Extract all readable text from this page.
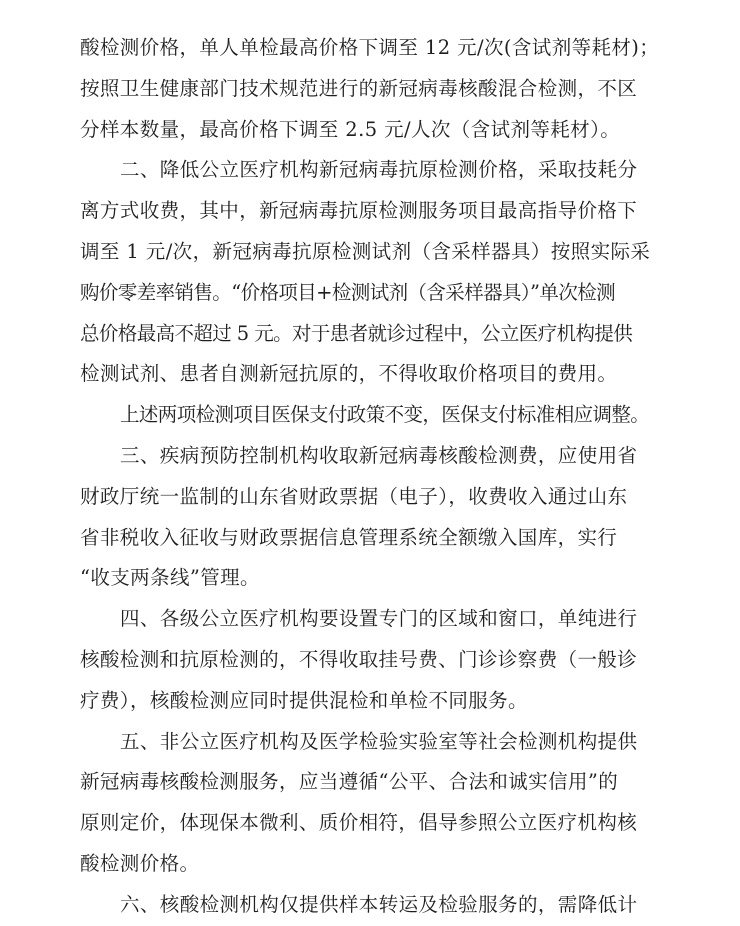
酸检测价格，单人单检最高价格下调至 12 元/次(含试剂等耗材)；
按照卫生健康部门技术规范进行的新冠病毒核酸混合检测，不区
分样本数量，最高价格下调至 2.5 元/人次（含试剂等耗材）。
二、降低公立医疗机构新冠病毒抗原检测价格，采取技耗分
离方式收费，其中，新冠病毒抗原检测服务项目最高指导价格下
调至 1 元/次，新冠病毒抗原检测试剂（含采样器具）按照实际采
购价零差率销售。“价格项目+检测试剂（含采样器具）”单次检测
总价格最高不超过 5 元。对于患者就诊过程中，公立医疗机构提供
检测试剂、患者自测新冠抗原的，不得收取价格项目的费用。
上述两项检测项目医保支付政策不变，医保支付标准相应调整。
三、疾病预防控制机构收取新冠病毒核酸检测费，应使用省
财政厅统一监制的山东省财政票据（电子），收费收入通过山东
省非税收入征收与财政票据信息管理系统全额缴入国库，实行
“收支两条线”管理。
四、各级公立医疗机构要设置专门的区域和窗口，单纯进行
核酸检测和抗原检测的，不得收取挂号费、门诊诊察费（一般诊
疗费），核酸检测应同时提供混检和单检不同服务。
五、非公立医疗机构及医学检验实验室等社会检测机构提供
新冠病毒核酸检测服务，应当遵循“公平、合法和诚实信用”的
原则定价，体现保本微利、质价相符，倡导参照公立医疗机构核
酸检测价格。
六、核酸检测机构仅提供样本转运及检验服务的，需降低计
